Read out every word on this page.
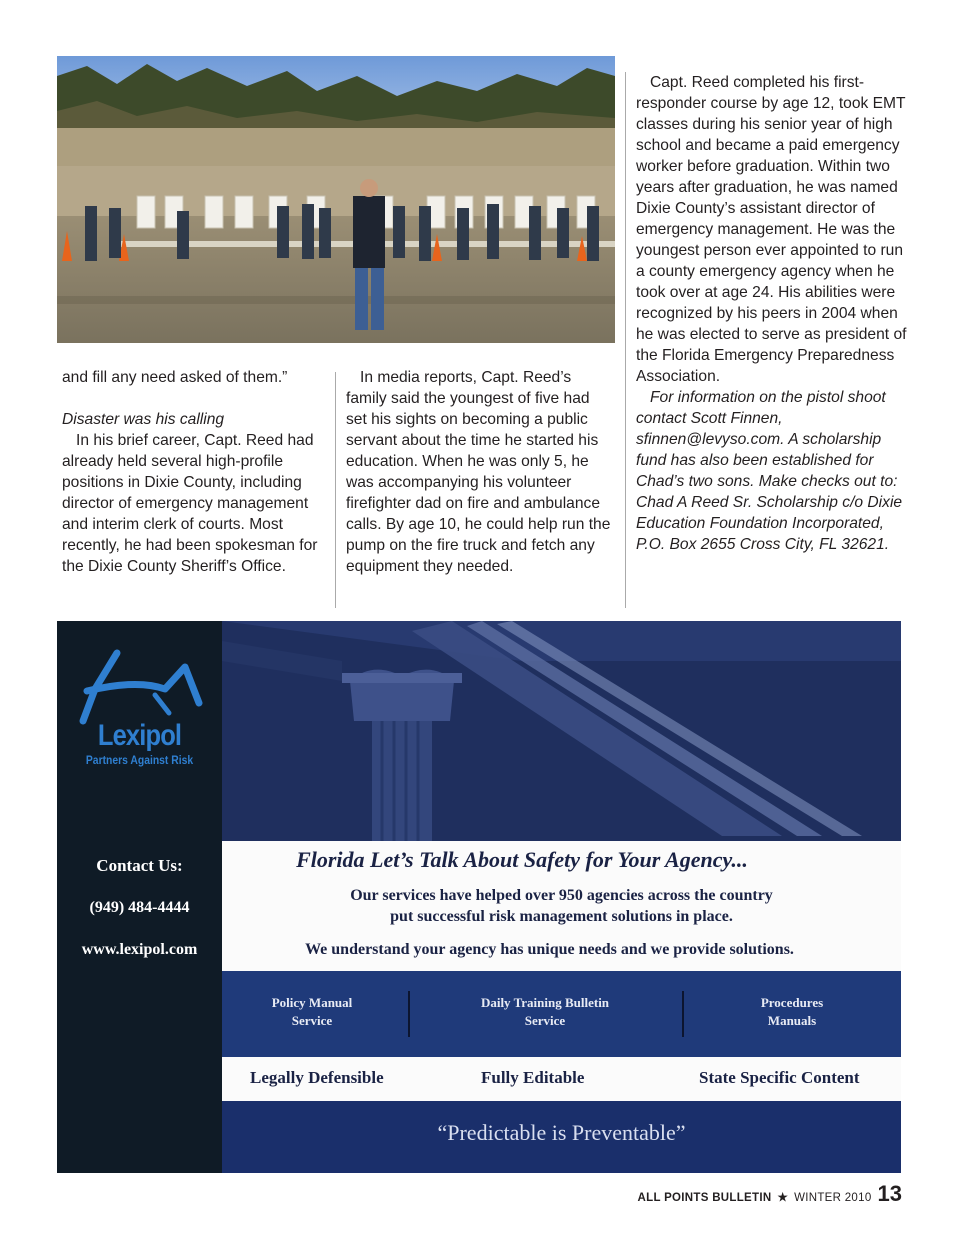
and fill any need asked of them.”

Disaster was his calling

In his brief career, Capt. Reed had already held several high-profile positions in Dixie County, including director of emergency management and interim clerk of courts. Most recently, he had been spokesman for the Dixie County Sheriff’s Office.

In media reports, Capt. Reed’s family said the youngest of five had set his sights on becoming a public servant about the time he started his education. When he was only 5, he was accompanying his volunteer firefighter dad on fire and ambulance calls. By age 10, he could help run the pump on the fire truck and fetch any equipment they needed.

Capt. Reed completed his first-responder course by age 12, took EMT classes during his senior year of high school and became a paid emergency worker before graduation. Within two years after graduation, he was named Dixie County’s assistant director of emergency management. He was the youngest person ever appointed to run a county emergency agency when he took over at age 24. His abilities were recognized by his peers in 2004 when he was elected to serve as president of the Florida Emergency Preparedness Association.

For information on the pistol shoot contact Scott Finnen, sfinnen@levyso.com. A scholarship fund has also been established for Chad’s two sons. Make checks out to: Chad A Reed Sr. Scholarship c/o Dixie Education Foundation Incorporated, P.O. Box 2655 Cross City, FL 32621.

Lexipol
Partners Against Risk
Contact Us:
(949) 484-4444
www.lexipol.com
Florida Let’s Talk About Safety for Your Agency...
Our services have helped over 950 agencies across the country
put successful risk management solutions in place.
We understand your agency has unique needs and we provide solutions.
Policy Manual
Service
Daily Training Bulletin
Service
Procedures
Manuals
Legally Defensible	Fully Editable	State Specific Content
“Predictable is Preventable”
ALL POINTS BULLETIN ★ WINTER 2010 13
